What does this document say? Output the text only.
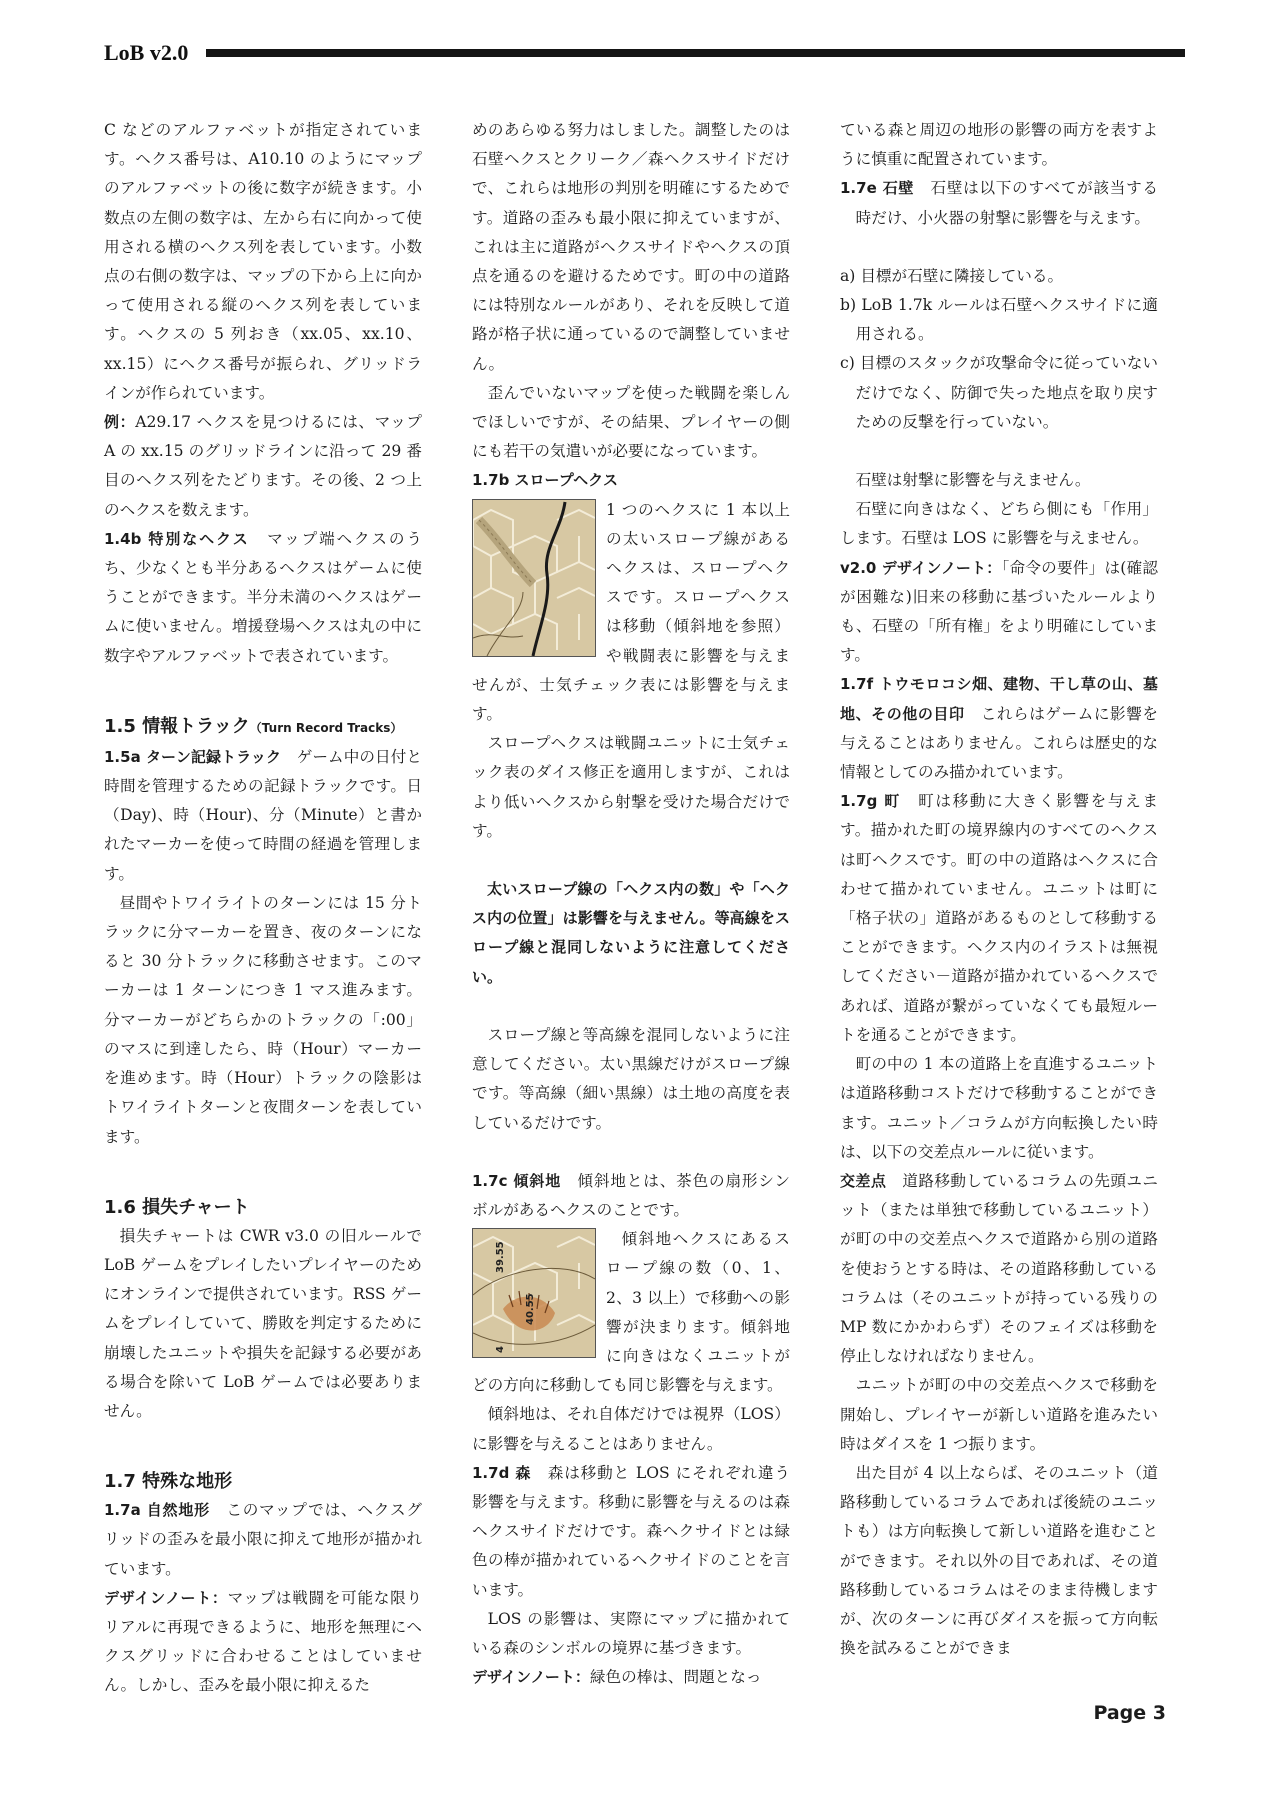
LoB v2.0

C などのアルファベットが指定されています。ヘクス番号は、A10.10 のようにマップのアルファベットの後に数字が続きます。小数点の左側の数字は、左から右に向かって使用される横のヘクス列を表しています。小数点の右側の数字は、マップの下から上に向かって使用される縦のヘクス列を表しています。ヘクスの 5 列おき（xx.05、xx.10、xx.15）にヘクス番号が振られ、グリッドラインが作られています。

例：A29.17 ヘクスを見つけるには、マップ A の xx.15 のグリッドラインに沿って 29 番目のヘクス列をたどります。その後、2 つ上のヘクスを数えます。

1.4b 特別なヘクス　 マップ端ヘクスのうち、少なくとも半分あるヘクスはゲームに使うことができます。半分未満のヘクスはゲームに使いません。増援登場ヘクスは丸の中に数字やアルファベットで表されています。

1.5 情報トラック（Turn Record Tracks）

1.5a ターン記録トラック　 ゲーム中の日付と時間を管理するための記録トラックです。日（Day)、時（Hour)、分（Minute）と書かれたマーカーを使って時間の経過を管理します。

昼間やトワイライトのターンには 15 分トラックに分マーカーを置き、夜のターンになると 30 分トラックに移動させます。このマーカーは 1 ターンにつき 1 マス進みます。分マーカーがどちらかのトラックの「:00」のマスに到達したら、時（Hour）マーカーを進めます。時（Hour）トラックの陰影はトワイライトターンと夜間ターンを表しています。

1.6 損失チャート

損失チャートは CWR v3.0 の旧ルールで LoB ゲームをプレイしたいプレイヤーのためにオンラインで提供されています。RSS ゲームをプレイしていて、勝敗を判定するために崩壊したユニットや損失を記録する必要がある場合を除いて LoB ゲームでは必要ありません。

1.7 特殊な地形

1.7a 自然地形　 このマップでは、ヘクスグリッドの歪みを最小限に抑えて地形が描かれています。

デザインノート：マップは戦闘を可能な限りリアルに再現できるように、地形を無理にヘクスグリッドに合わせることはしていません。しかし、歪みを最小限に抑えるた

めのあらゆる努力はしました。調整したのは石壁ヘクスとクリーク／森ヘクスサイドだけで、これらは地形の判別を明確にするためです。道路の歪みも最小限に抑えていますが、これは主に道路がヘクスサイドやヘクスの頂点を通るのを避けるためです。町の中の道路には特別なルールがあり、それを反映して道路が格子状に通っているので調整していません。

歪んでいないマップを使った戦闘を楽しんでほしいですが、その結果、プレイヤーの側にも若干の気遣いが必要になっています。

1.7b スロープヘクス

1 つのヘクスに 1 本以上の太いスロープ線があるヘクスは、スロープヘクスです。スロープヘクスは移動（傾斜地を参照）や戦闘表に影響を与えませんが、士気チェック表には影響を与えます。

スロープヘクスは戦闘ユニットに士気チェック表のダイス修正を適用しますが、これはより低いヘクスから射撃を受けた場合だけです。

太いスロープ線の「ヘクス内の数」や「ヘクス内の位置」は影響を与えません。等高線をスロープ線と混同しないように注意してください。

スロープ線と等高線を混同しないように注意してください。太い黒線だけがスロープ線です。等高線（細い黒線）は土地の高度を表しているだけです。

1.7c 傾斜地　 傾斜地とは、茶色の扇形シンボルがあるヘクスのことです。

39.55
40.55
4

傾斜地ヘクスにあるスロープ線の数（0、1、2、3 以上）で移動への影響が決まります。傾斜地に向きはなくユニットがどの方向に移動しても同じ影響を与えます。

傾斜地は、それ自体だけでは視界（LOS）に影響を与えることはありません。

1.7d 森　 森は移動と LOS にそれぞれ違う影響を与えます。移動に影響を与えるのは森ヘクスサイドだけです。森ヘクサイドとは緑色の棒が描かれているヘクサイドのことを言います。

LOS の影響は、実際にマップに描かれている森のシンボルの境界に基づきます。

デザインノート：緑色の棒は、問題となっ

ている森と周辺の地形の影響の両方を表すように慎重に配置されています。

1.7e 石壁　 石壁は以下のすべてが該当する時だけ、小火器の射撃に影響を与えます。

a) 目標が石壁に隣接している。

b) LoB 1.7k ルールは石壁ヘクスサイドに適用される。

c) 目標のスタックが攻撃命令に従っていないだけでなく、防御で失った地点を取り戻すための反撃を行っていない。

石壁は射撃に影響を与えません。

石壁に向きはなく、どちら側にも「作用」します。石壁は LOS に影響を与えません。

v2.0 デザインノート：「命令の要件」は(確認が困難な)旧来の移動に基づいたルールよりも、石壁の「所有権」をより明確にしています。

1.7f トウモロコシ畑、建物、干し草の山、墓地、その他の目印　 これらはゲームに影響を与えることはありません。これらは歴史的な情報としてのみ描かれています。

1.7g 町　 町は移動に大きく影響を与えます。描かれた町の境界線内のすべてのヘクスは町ヘクスです。町の中の道路はヘクスに合わせて描かれていません。ユニットは町に「格子状の」道路があるものとして移動することができます。ヘクス内のイラストは無視してください－道路が描かれているヘクスであれば、道路が繋がっていなくても最短ルートを通ることができます。

町の中の 1 本の道路上を直進するユニットは道路移動コストだけで移動することができます。ユニット／コラムが方向転換したい時は、以下の交差点ルールに従います。

交差点　 道路移動しているコラムの先頭ユニット（または単独で移動しているユニット）が町の中の交差点ヘクスで道路から別の道路を使おうとする時は、その道路移動しているコラムは（そのユニットが持っている残りの MP 数にかかわらず）そのフェイズは移動を停止しなければなりません。

ユニットが町の中の交差点ヘクスで移動を開始し、プレイヤーが新しい道路を進みたい時はダイスを 1 つ振ります。

出た目が 4 以上ならば、そのユニット（道路移動しているコラムであれば後続のユニットも）は方向転換して新しい道路を進むことができます。それ以外の目であれば、その道路移動しているコラムはそのまま待機しますが、次のターンに再びダイスを振って方向転換を試みることができま

Page 3
